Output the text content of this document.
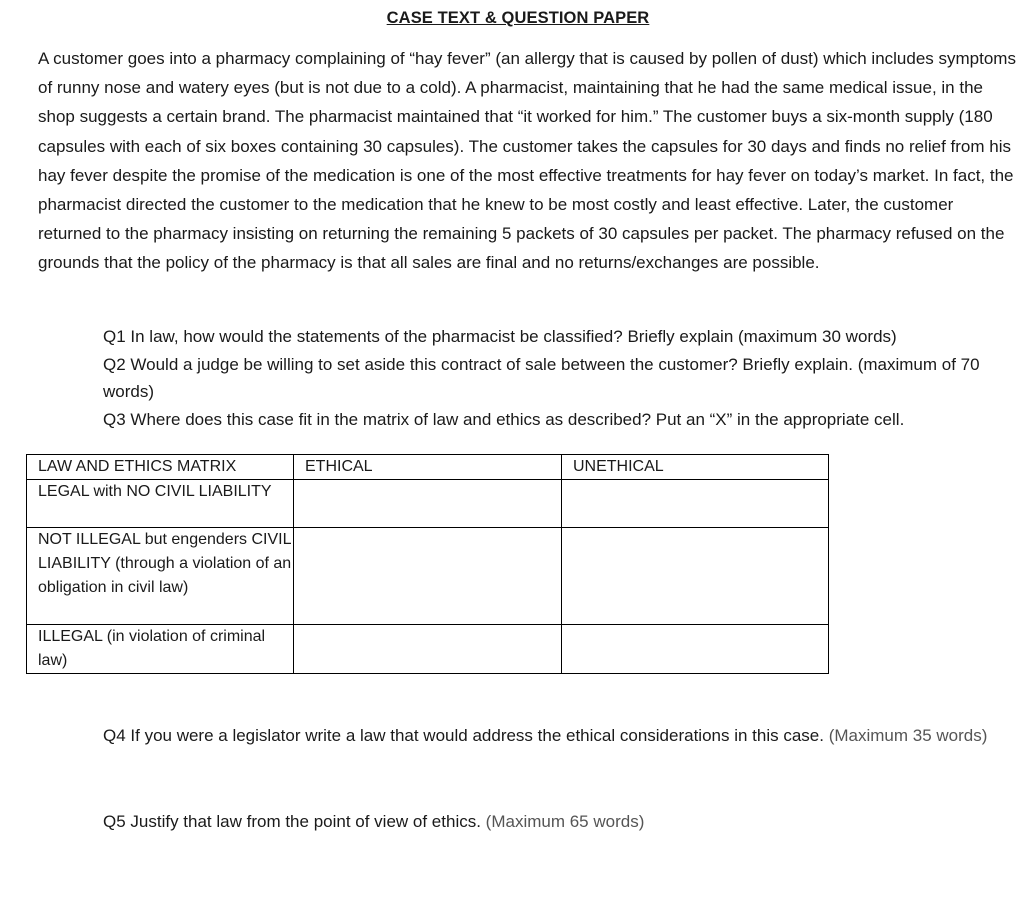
CASE TEXT & QUESTION PAPER

A customer goes into a pharmacy complaining of “hay fever” (an allergy that is caused by pollen of dust) which includes symptoms of runny nose and watery eyes (but is not due to a cold). A pharmacist, maintaining that he had the same medical issue, in the shop suggests a certain brand. The pharmacist maintained that “it worked for him.” The customer buys a six-month supply (180 capsules with each of six boxes containing 30 capsules). The customer takes the capsules for 30 days and finds no relief from his hay fever despite the promise of the medication is one of the most effective treatments for hay fever on today’s market. In fact, the pharmacist directed the customer to the medication that he knew to be most costly and least effective. Later, the customer returned to the pharmacy insisting on returning the remaining 5 packets of 30 capsules per packet. The pharmacy refused on the grounds that the policy of the pharmacy is that all sales are final and no returns/exchanges are possible.

Q1 In law, how would the statements of the pharmacist be classified? Briefly explain (maximum 30 words)

Q2 Would a judge be willing to set aside this contract of sale between the customer? Briefly explain. (maximum of 70 words)

Q3 Where does this case fit in the matrix of law and ethics as described? Put an “X” in the appropriate cell.

LAW AND ETHICS MATRIX	ETHICAL	UNETHICAL
LEGAL with NO CIVIL LIABILITY		
NOT ILLEGAL but engenders CIVIL LIABILITY (through a violation of an obligation in civil law)		
ILLEGAL (in violation of criminal law)		
Q4 If you were a legislator write a law that would address the ethical considerations in this case. (Maximum 35 words)
Q5 Justify that law from the point of view of ethics. (Maximum 65 words)
